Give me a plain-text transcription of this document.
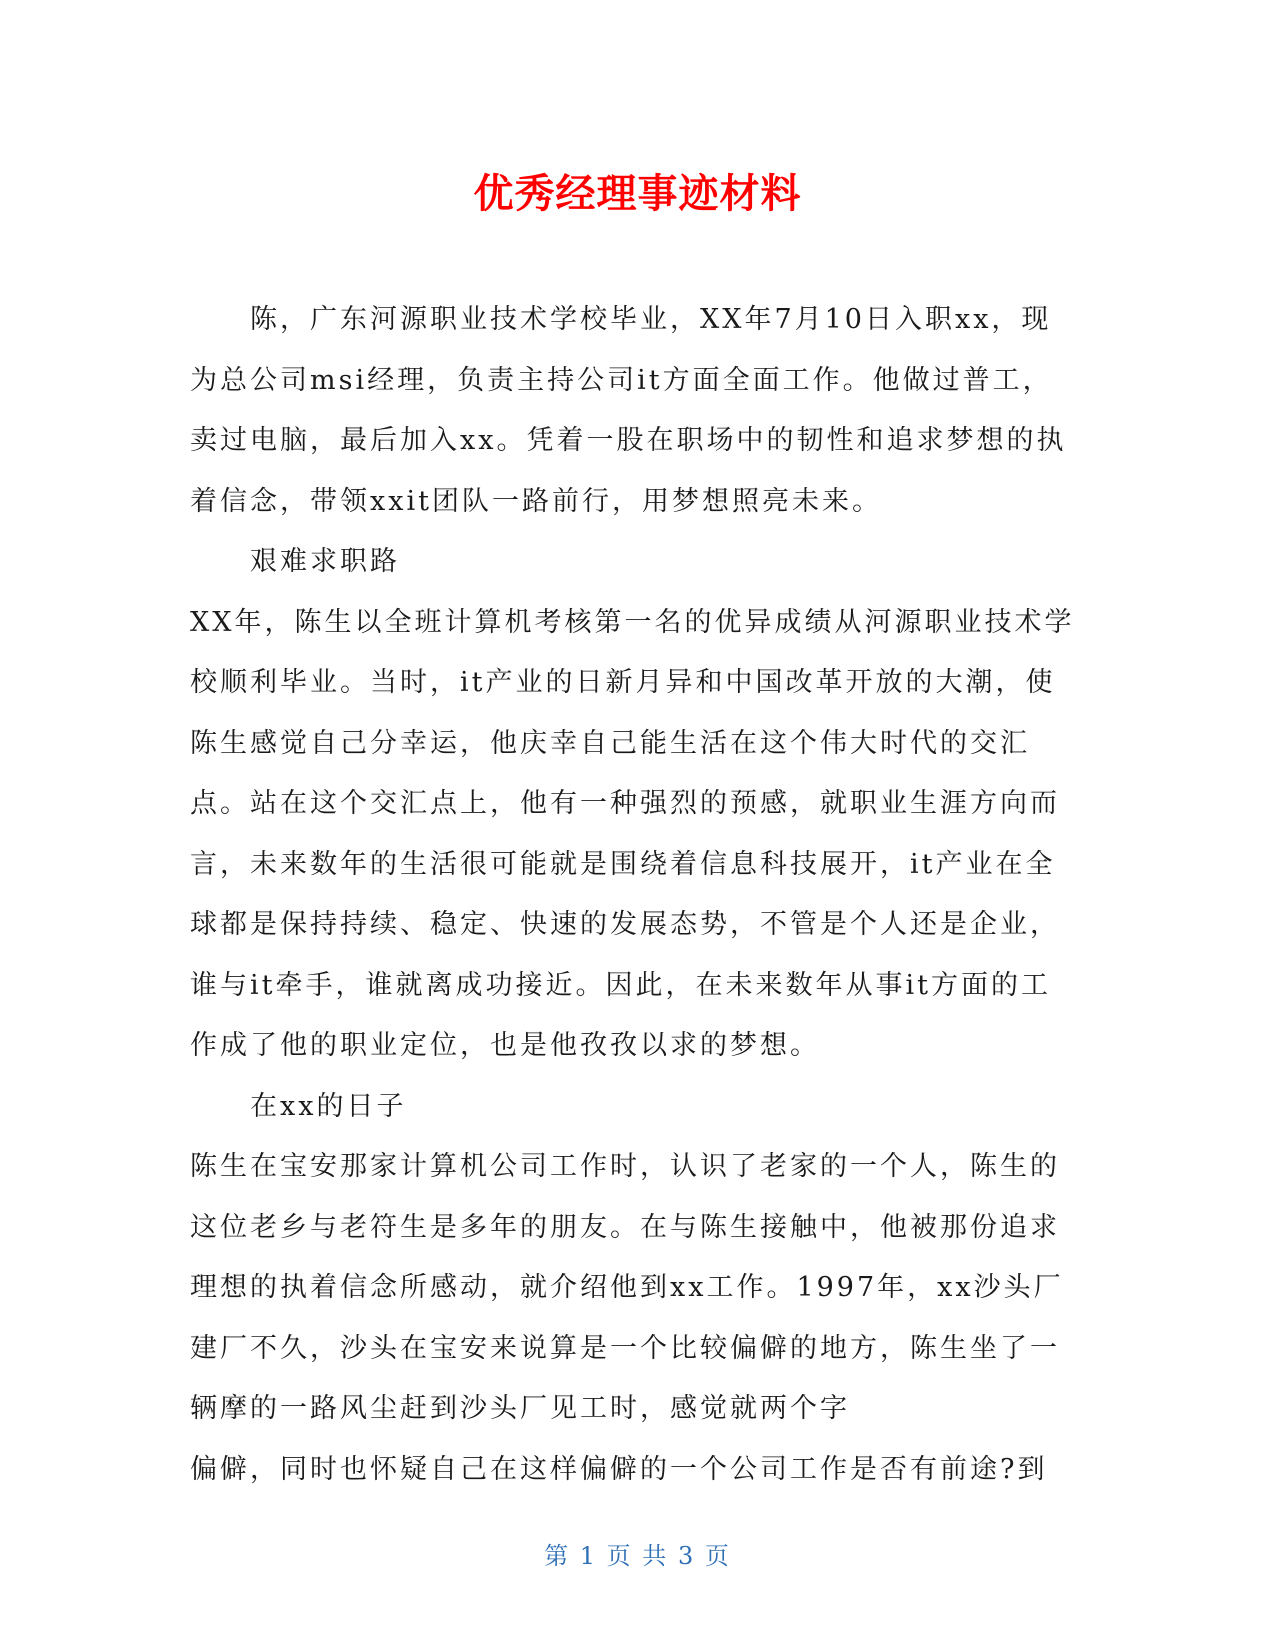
优秀经理事迹材料

陈，广东河源职业技术学校毕业，XX年7月10日入职xx，现为总公司msi经理，负责主持公司it方面全面工作。他做过普工，卖过电脑，最后加入xx。凭着一股在职场中的韧性和追求梦想的执着信念，带领xxit团队一路前行，用梦想照亮未来。

艰难求职路

XX年，陈生以全班计算机考核第一名的优异成绩从河源职业技术学校顺利毕业。当时，it产业的日新月异和中国改革开放的大潮，使陈生感觉自己分幸运，他庆幸自己能生活在这个伟大时代的交汇点。站在这个交汇点上，他有一种强烈的预感，就职业生涯方向而言，未来数年的生活很可能就是围绕着信息科技展开，it产业在全球都是保持持续、稳定、快速的发展态势，不管是个人还是企业，谁与it牵手，谁就离成功接近。因此，在未来数年从事it方面的工作成了他的职业定位，也是他孜孜以求的梦想。

在xx的日子

陈生在宝安那家计算机公司工作时，认识了老家的一个人，陈生的这位老乡与老符生是多年的朋友。在与陈生接触中，他被那份追求理想的执着信念所感动，就介绍他到xx工作。1997年，xx沙头厂建厂不久，沙头在宝安来说算是一个比较偏僻的地方，陈生坐了一辆摩的一路风尘赶到沙头厂见工时，感觉就两个字

偏僻，同时也怀疑自己在这样偏僻的一个公司工作是否有前途?到

第 1 页 共 3 页
